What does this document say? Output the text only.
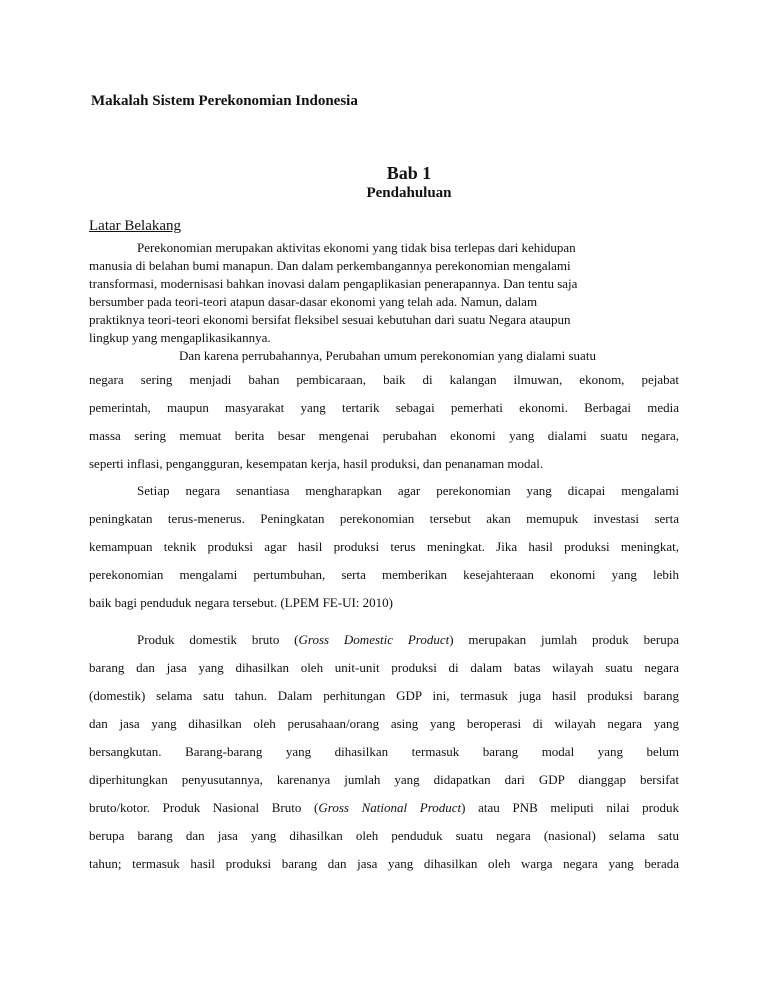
Makalah Sistem Perekonomian Indonesia
Bab 1
Pendahuluan
Latar Belakang
Perekonomian merupakan aktivitas ekonomi yang tidak bisa terlepas dari kehidupan
manusia di belahan bumi manapun. Dan dalam perkembangannya perekonomian mengalami
transformasi, modernisasi bahkan inovasi dalam pengaplikasian penerapannya. Dan tentu saja
bersumber pada teori-teori atapun dasar-dasar ekonomi yang telah ada. Namun, dalam
praktiknya teori-teori ekonomi bersifat fleksibel sesuai kebutuhan dari suatu Negara ataupun
lingkup yang mengaplikasikannya.
Dan karena perrubahannya, Perubahan umum perekonomian yang dialami suatu
negara sering menjadi bahan pembicaraan, baik di kalangan ilmuwan, ekonom, pejabat
pemerintah, maupun masyarakat yang tertarik sebagai pemerhati ekonomi. Berbagai media
massa sering memuat berita besar mengenai perubahan ekonomi yang dialami suatu negara,
seperti inflasi, pengangguran, kesempatan kerja, hasil produksi, dan penanaman modal.
Setiap negara senantiasa mengharapkan agar perekonomian yang dicapai mengalami
peningkatan terus-menerus. Peningkatan perekonomian tersebut akan memupuk investasi serta
kemampuan teknik produksi agar hasil produksi terus meningkat. Jika hasil produksi meningkat,
perekonomian mengalami pertumbuhan, serta memberikan kesejahteraan ekonomi yang lebih
baik bagi penduduk negara tersebut. (LPEM FE-UI: 2010)
Produk domestik bruto (Gross Domestic Product) merupakan jumlah produk berupa
barang dan jasa yang dihasilkan oleh unit-unit produksi di dalam batas wilayah suatu negara
(domestik) selama satu tahun. Dalam perhitungan GDP ini, termasuk juga hasil produksi barang
dan jasa yang dihasilkan oleh perusahaan/orang asing yang beroperasi di wilayah negara yang
bersangkutan. Barang-barang yang dihasilkan termasuk barang modal yang belum
diperhitungkan penyusutannya, karenanya jumlah yang didapatkan dari GDP dianggap bersifat
bruto/kotor. Produk Nasional Bruto (Gross National Product) atau PNB meliputi nilai produk
berupa barang dan jasa yang dihasilkan oleh penduduk suatu negara (nasional) selama satu
tahun; termasuk hasil produksi barang dan jasa yang dihasilkan oleh warga negara yang berada
